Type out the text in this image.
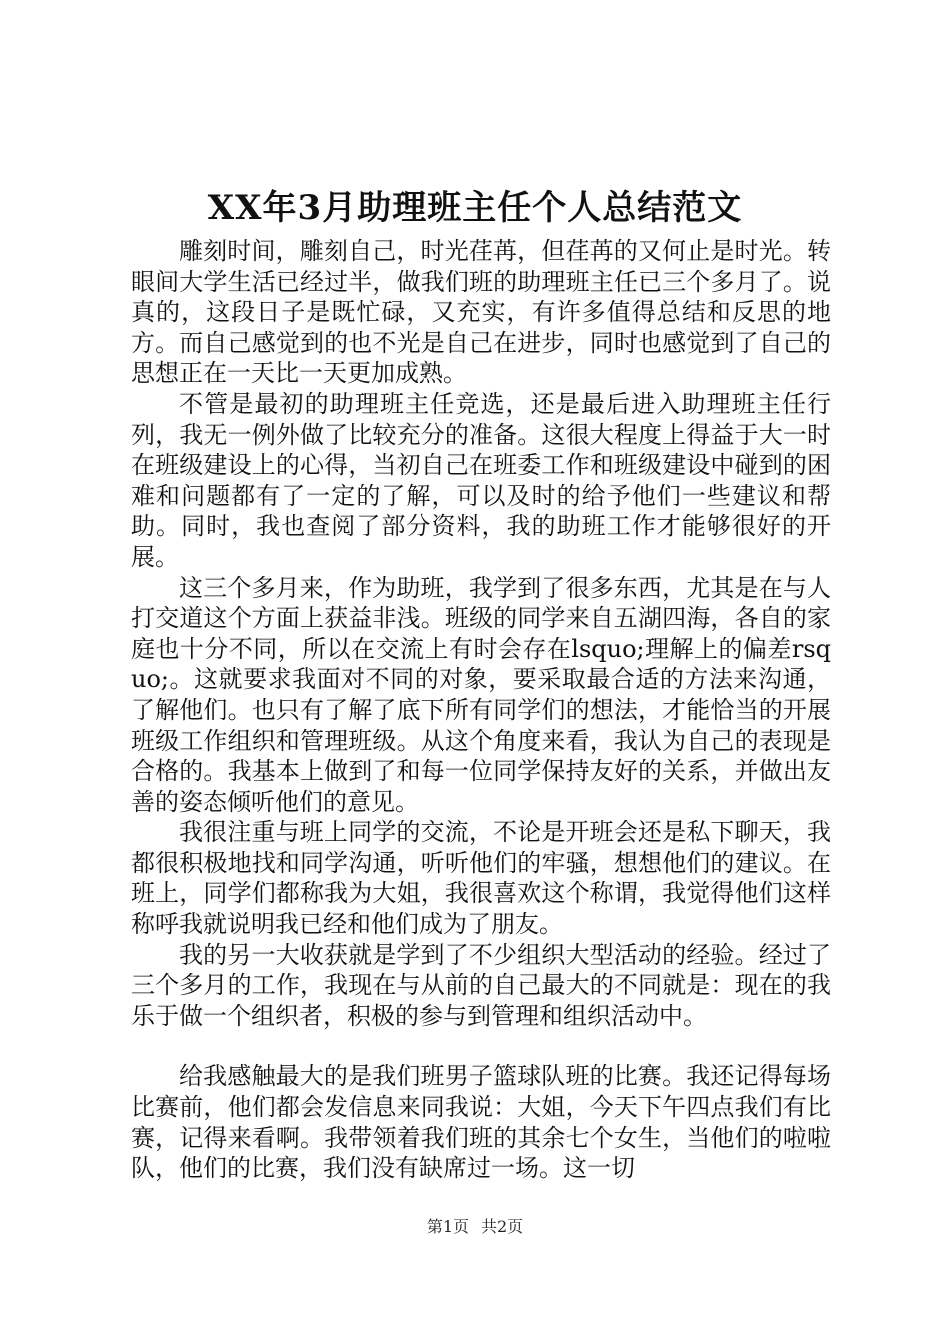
XX年3月助理班主任个人总结范文

雕刻时间，雕刻自己，时光荏苒，但荏苒的又何止是时光。转眼间大学生活已经过半，做我们班的助理班主任已三个多月了。说真的，这段日子是既忙碌，又充实，有许多值得总结和反思的地方。而自己感觉到的也不光是自己在进步，同时也感觉到了自己的思想正在一天比一天更加成熟。

不管是最初的助理班主任竞选，还是最后进入助理班主任行列，我无一例外做了比较充分的准备。这很大程度上得益于大一时在班级建设上的心得，当初自己在班委工作和班级建设中碰到的困难和问题都有了一定的了解，可以及时的给予他们一些建议和帮助。同时，我也查阅了部分资料，我的助班工作才能够很好的开展。

这三个多月来，作为助班，我学到了很多东西，尤其是在与人打交道这个方面上获益非浅。班级的同学来自五湖四海，各自的家庭也十分不同，所以在交流上有时会存在lsquo;理解上的偏差rsquo;。这就要求我面对不同的对象，要采取最合适的方法来沟通，了解他们。也只有了解了底下所有同学们的想法，才能恰当的开展班级工作组织和管理班级。从这个角度来看，我认为自己的表现是合格的。我基本上做到了和每一位同学保持友好的关系，并做出友善的姿态倾听他们的意见。

我很注重与班上同学的交流，不论是开班会还是私下聊天，我都很积极地找和同学沟通，听听他们的牢骚，想想他们的建议。在班上，同学们都称我为大姐，我很喜欢这个称谓，我觉得他们这样称呼我就说明我已经和他们成为了朋友。

我的另一大收获就是学到了不少组织大型活动的经验。经过了三个多月的工作，我现在与从前的自己最大的不同就是：现在的我乐于做一个组织者，积极的参与到管理和组织活动中。

给我感触最大的是我们班男子篮球队班的比赛。我还记得每场比赛前，他们都会发信息来同我说：大姐，今天下午四点我们有比赛，记得来看啊。我带领着我们班的其余七个女生，当他们的啦啦队，他们的比赛，我们没有缺席过一场。这一切

第1页 共2页
